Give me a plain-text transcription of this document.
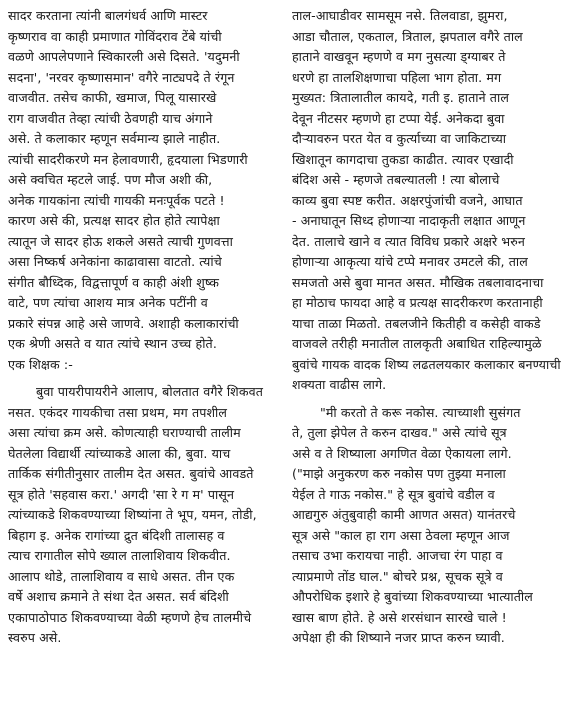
सादर करताना त्यांनी बालगंधर्व आणि मास्टर
कृष्णराव वा काही प्रमाणात गोविंदराव टेंबे यांची
वळणे आपलेपणाने स्विकारली असे दिसते. 'यदुमनी
सदना', 'नरवर कृष्णासमान' वगैरे नाट्यपदे ते रंगून
वाजवीत. तसेच काफी, खमाज, पिलू यासारखे
राग वाजवीत तेव्हा त्यांची ठेवणही याच अंगाने
असे. ते कलाकार म्हणून सर्वमान्य झाले नाहीत.
त्यांची सादरीकरणे मन हेलावणारी, हृदयाला भिडणारी
असे क्वचित म्हटले जाई. पण मौज अशी की,
अनेक गायकांना त्यांची गायकी मनःपूर्वक पटते !
कारण असे की, प्रत्यक्ष सादर होत होते त्यापेक्षा
त्यातून जे सादर होऊ शकले असते त्याची गुणवत्ता
असा निष्कर्ष अनेकांना काढावासा वाटतो. त्यांचे
संगीत बौध्दिक, विद्वत्तापूर्ण व काही अंशी शुष्क
वाटे, पण त्यांचा आशय मात्र अनेक पटींनी व
प्रकारे संपन्न आहे असे जाणवे. अशाही कलाकारांची
एक श्रेणी असते व यात त्यांचे स्थान उच्च होते.
एक शिक्षक :-
बुवा पायरीपायरीने आलाप, बोलतात वगैरे शिकवत
नसत. एकंदर गायकीचा तसा प्रथम, मग तपशील
असा त्यांचा क्रम असे. कोणत्याही घराण्याची तालीम
घेतलेला विद्यार्थी त्यांच्याकडे आला की, बुवा. याच
तार्किक संगीतीनुसार तालीम देत असत. बुवांचे आवडते
सूत्र होते 'सहवास करा.' अगदी 'सा रे ग म' पासून
त्यांच्याकडे शिकवण्याच्या शिष्यांना ते भूप, यमन, तोडी,
बिहाग इ. अनेक रागांच्या द्रुत बंदिशी तालासह व
त्याच रागातील सोपे ख्याल तालाशिवाय शिकवीत.
आलाप थोडे, तालाशिवाय व साधे असत. तीन एक
वर्षे अशाच क्रमाने ते संथा देत असत. सर्व बंदिशी
एकापाठोपाठ शिकवण्याच्या वेळी म्हणणे हेच तालमीचे
स्वरुप असे.
ताल-आघाडीवर सामसूम नसे. तिलवाडा, झुमरा,
आडा चौताल, एकताल, त्रिताल, झपताल वगैरे ताल
हाताने वाखवून म्हणणे व मग नुसत्या ड्ग्याबर ते
धरणे हा तालशिक्षणाचा पहिला भाग होता. मग
मुख्यत: त्रितालातील कायदे, गती इ. हाताने ताल
देवून नीटसर म्हणणे हा टप्पा येई. अनेकदा बुवा
दौऱ्यावरुन परत येत व कुर्त्याच्या वा जाकिटाच्या
खिशातून कागदाचा तुकडा काढीत. त्यावर एखादी
बंदिश असे - म्हणजे तबल्यातली ! त्या बोलाचे
काव्य बुवा स्पष्ट करीत. अक्षरपुंजांची वजने, आघात
- अनाघातून सिध्द होणाऱ्या नादाकृती लक्षात आणून
देत. तालाचे खाने व त्यात विविध प्रकारे अक्षरे भरुन
होणाऱ्या आकृत्या यांचे टप्पे मनावर उमटले की, ताल
समजतो असे बुवा मानत असत. मौखिक तबलावादनाचा
हा मोठाच फायदा आहे व प्रत्यक्ष सादरीकरण करतानाही
याचा ताळा मिळतो. तबलजीने कितीही व कसेही वाकडे
वाजवले तरीही मनातील तालकृती अबाधित राहिल्यामुळे
बुवांचे गायक वादक शिष्य लढतलयकार कलाकार बनण्याची
शक्यता वाढीस लागे.
"मी करतो ते करू नकोस. त्याच्याशी सुसंगत
ते, तुला झेपेल ते करुन दाखव." असे त्यांचे सूत्र
असे व ते शिष्याला अगणित वेळा ऐकायला लागे.
("माझे अनुकरण करु नकोस पण तुझ्या मनाला
येईल ते गाऊ नकोस." हे सूत्र बुवांचे वडील व
आद्यगुरु अंतुबुवाही कामी आणत असत) यानंतरचे
सूत्र असे "काल हा राग असा ठेवला म्हणून आज
तसाच उभा करायचा नाही. आजचा रंग पाहा व
त्याप्रमाणे तोंड घाल." बोचरे प्रश्न, सूचक सूत्रे व
औपरोधिक इशारे हे बुवांच्या शिकवण्याच्या भात्यातील
खास बाण होते. हे असे शरसंधान सारखे चाले !
अपेक्षा ही की शिष्याने नजर प्राप्त करुन घ्यावी.
